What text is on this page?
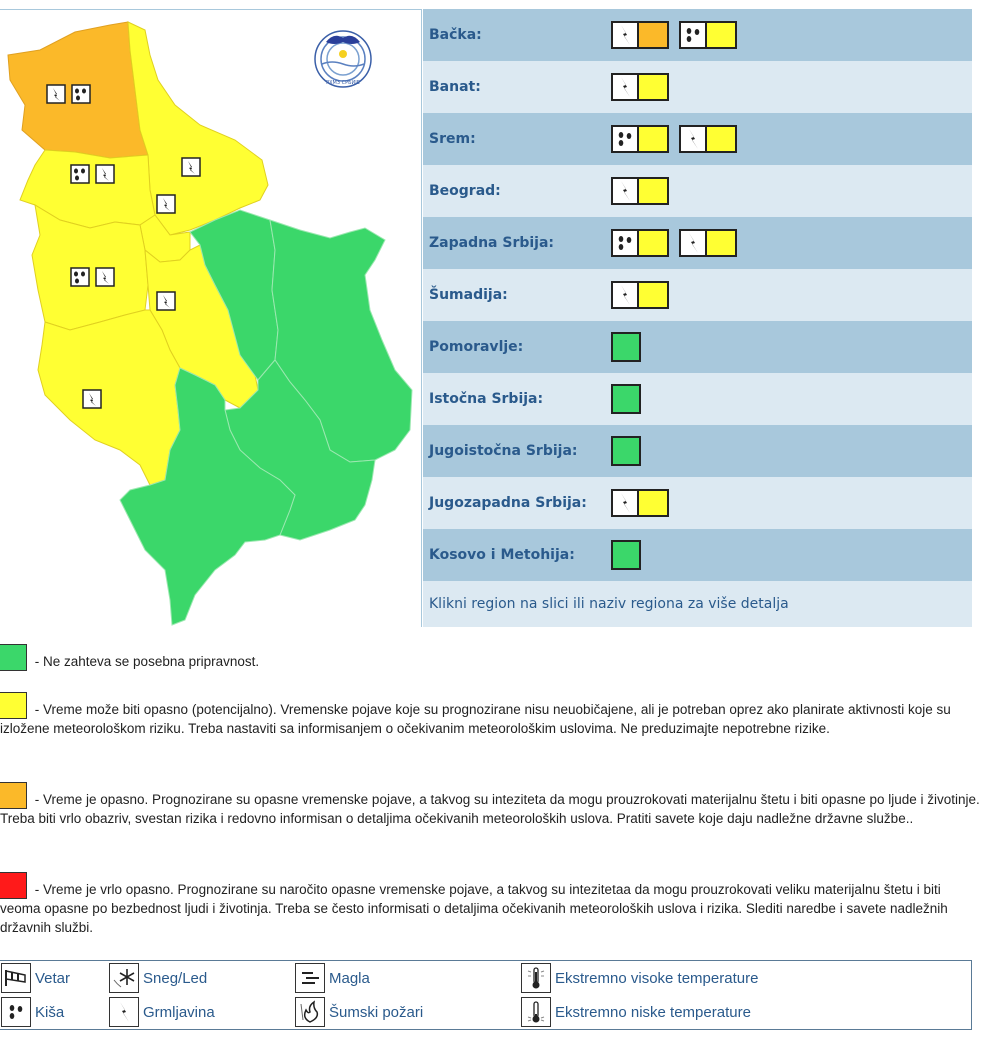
РХМЗ СРБИЈЕ
Bačka:
Banat:
Srem:
Beograd:
Zapadna Srbija:
Šumadija:
Pomoravlje:
Istočna Srbija:
Jugoistočna Srbija:
Jugozapadna Srbija:
Kosovo i Metohija:
Klikni region na slici ili naziv regiona za više detalja
- Ne zahteva se posebna pripravnost.
- Vreme može biti opasno (potencijalno). Vremenske pojave koje su prognozirane nisu neuobičajene, ali je potreban oprez ako planirate aktivnosti koje su izložene meteorološkom riziku. Treba nastaviti sa informisanjem o očekivanim meteorološkim uslovima. Ne preduzimajte nepotrebne rizike.
- Vreme je opasno. Prognozirane su opasne vremenske pojave, a takvog su inteziteta da mogu prouzrokovati materijalnu štetu i biti opasne po ljude i životinje. Treba biti vrlo obazriv, svestan rizika i redovno informisan o detaljima očekivanih meteoroloških uslova. Pratiti savete koje daju nadležne državne službe..
- Vreme je vrlo opasno. Prognozirane su naročito opasne vremenske pojave, a takvog su intezitetaa da mogu prouzrokovati veliku materijalnu štetu i biti veoma opasne po bezbednost ljudi i životinja. Treba se često informisati o detaljima očekivanih meteoroloških uslova i rizika. Slediti naredbe i savete nadležnih državnih službi.
Vetar
Kiša
Sneg/Led
Grmljavina
Magla
Šumski požari
Ekstremno visoke temperature
Ekstremno niske temperature
